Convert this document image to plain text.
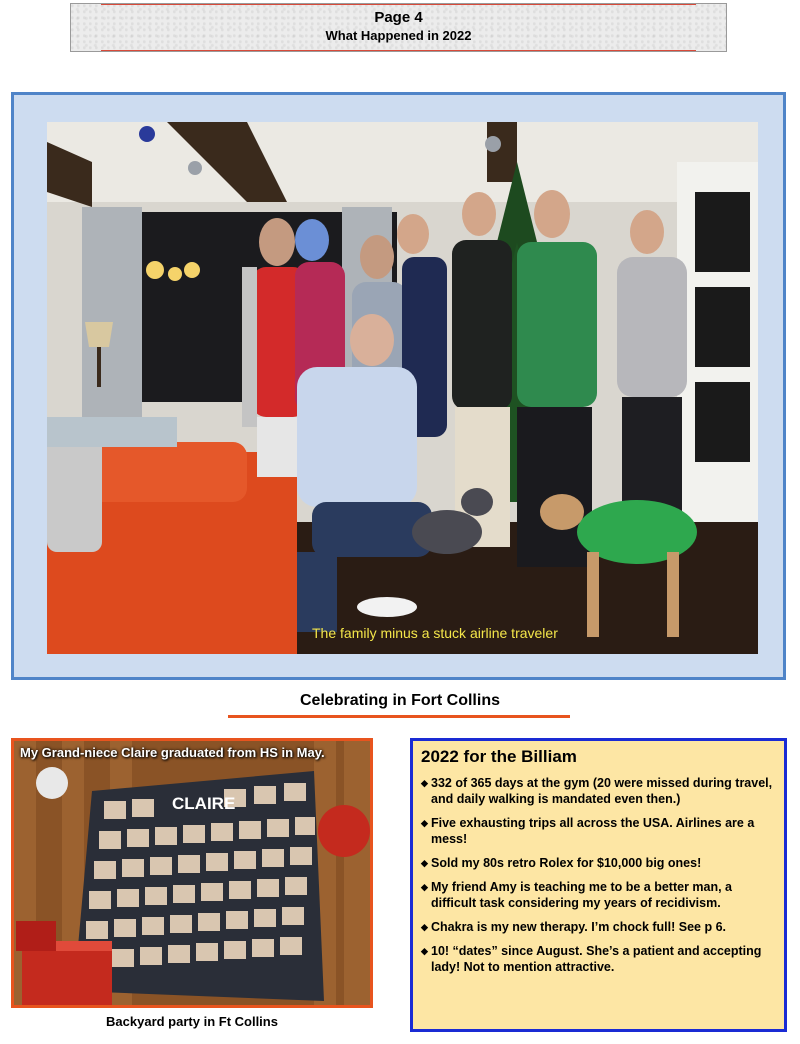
Page 4
What Happened in 2022
The family minus a stuck airline traveler
Celebrating in Fort Collins
CLAIRE
My Grand-niece Claire graduated from HS in May.
Backyard party in Ft Collins
2022 for the Billiam
◆ 332 of 365 days at the gym (20 were missed during travel, and daily walking is mandated even then.)
◆ Five exhausting trips all across the USA. Airlines are a mess!
◆ Sold my 80s retro Rolex for $10,000 big ones!
◆ My friend Amy is teaching me to be a better man, a difficult task considering my years of recidivism.
◆ Chakra is my new therapy. I’m chock full! See p 6.
◆ 10! “dates” since August. She’s a patient and accepting lady! Not to mention attractive.
